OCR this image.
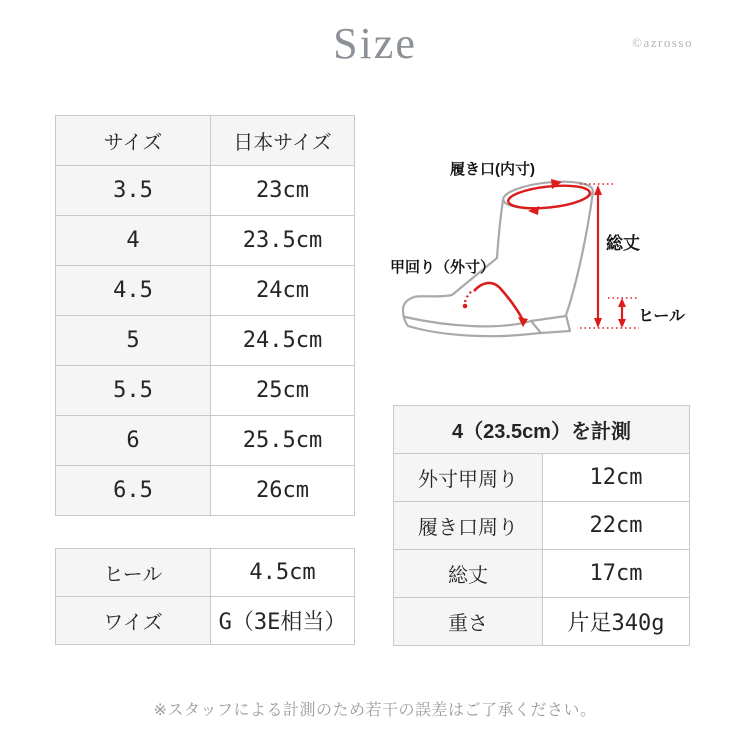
Size	©azrosso
サイズ	日本サイズ
3.5	23cm
4	23.5cm
4.5	24cm
5	24.5cm
5.5	25cm
6	25.5cm
6.5	26cm
ヒール	4.5cm
ワイズ	G（3E相当）
4（23.5cm）を計測	
外寸甲周り	12cm
履き口周り	22cm
総丈	17cm
重さ	片足340g
履き口(内寸)
甲回り（外寸）
総丈
ヒール
※スタッフによる計測のため若干の誤差はご了承ください。
